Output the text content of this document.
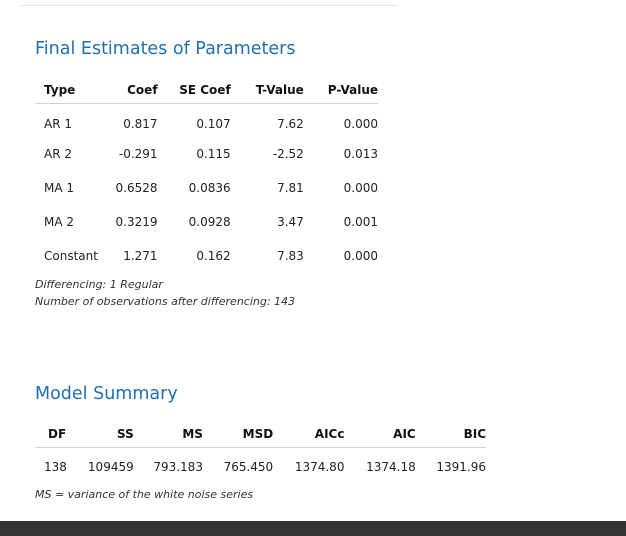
Final Estimates of Parameters
Type	Coef	SE Coef	T-Value	P-Value
AR 1	0.817	0.107	7.62	0.000
AR 2	-0.291	0.115	-2.52	0.013
MA 1	0.6528	0.0836	7.81	0.000
MA 2	0.3219	0.0928	3.47	0.001
Constant	1.271	0.162	7.83	0.000

Differencing: 1 Regular

Number of observations after differencing: 143

Model Summary
DF	SS	MS	MSD	AICc	AIC	BIC
138	109459	793.183	765.450	1374.80	1374.18	1391.96

MS = variance of the white noise series
